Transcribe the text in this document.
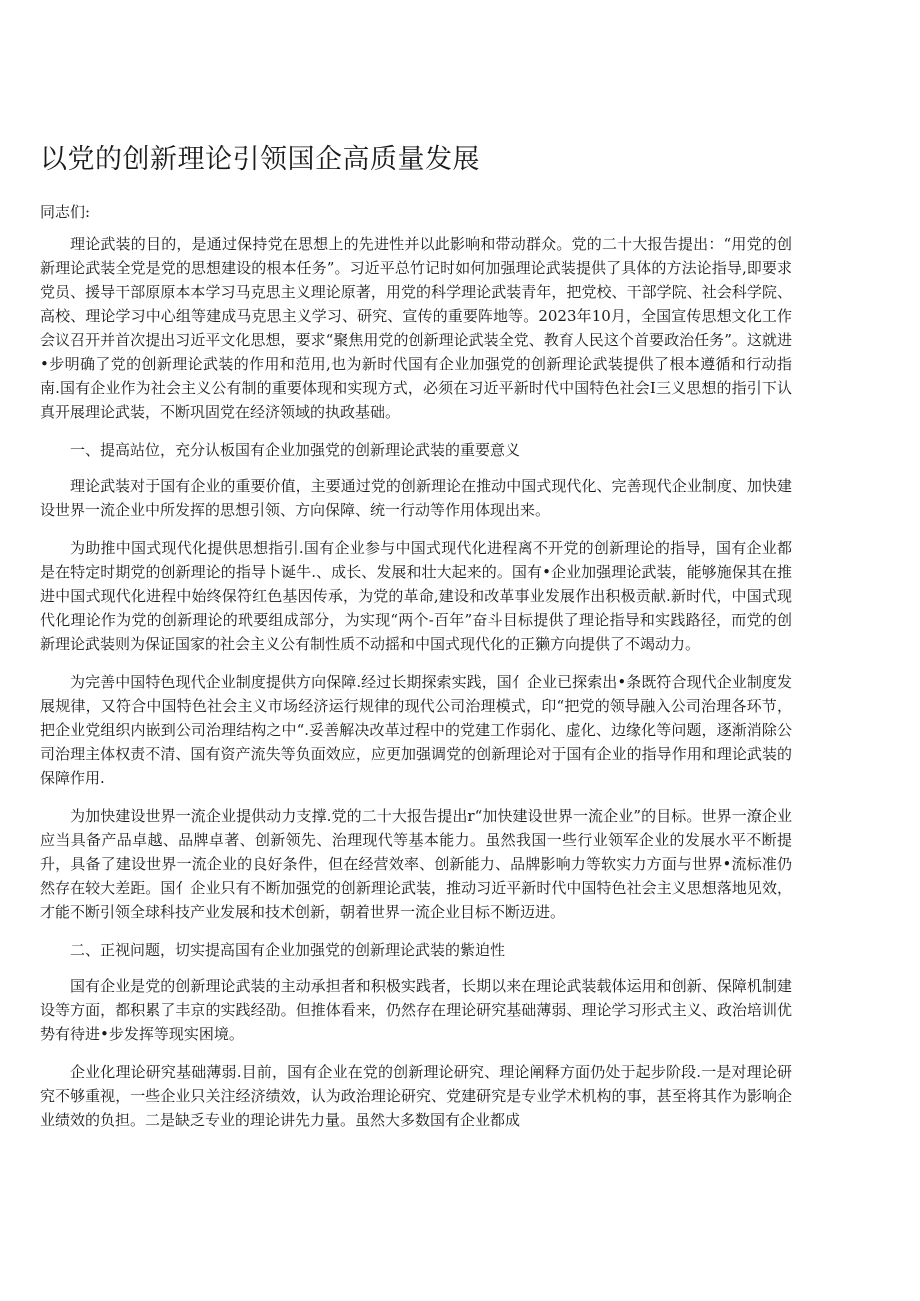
以党的创新理论引领国企高质量发展

同志们:

理论武装的目的，是通过保持党在思想上的先进性并以此影响和带动群众。党的二十大报告提出：“用党的创新理论武装全党是党的思想建设的根本任务”。习近平总竹记时如何加强理论武装提供了具体的方法论指导,即要求党员、援导干部原原本本学习马克思主义理论原著，用党的科学理论武装青年，把党校、干部学院、社会科学院、高校、理论学习中心组等建成马克思主义学习、研究、宣传的重要阵地等。2023年10月，全国宣传思想文化工作会议召开并首次提出习近平文化思想，要求“聚焦用党的创新理论武装全党、教育人民这个首要政治任务”。这就进•步明确了党的创新理论武装的作用和范用,也为新时代国有企业加强党的创新理论武装提供了根本遵循和行动指南.国有企业作为社会主义公有制的重要体现和实现方式，必须在习近平新时代中国特色社会I三义思想的指引下认真开展理论武装，不断巩固党在经济领域的执政基础。

一、提高站位，充分认板国有企业加强党的创新理论武装的重要意义

理论武装对于国有企业的重要价值，主要通过党的创新理论在推动中国式现代化、完善现代企业制度、加快建设世界一流企业中所发挥的思想引领、方向保障、统一行动等作用体现出来。

为助推中国式现代化提供思想指引.国有企业参与中国式现代化进程离不开党的创新理论的指导，国有企业都是在特定时期党的创新理论的指导卜诞牛.、成长、发展和壮大起来的。国有•企业加强理论武装，能够施保其在推进中国式现代化进程中始终保符红色基因传承，为党的革命,建设和改革事业发展作出积极贡献.新时代，中国式现代化理论作为党的创新理论的玳要组成部分，为实现“两个-百年”奋斗目标提供了理论指导和实践路径，而党的创新理论武装则为保证国家的社会主义公有制性质不动摇和中国式现代化的正獭方向提供了不竭动力。

为完善中国特色现代企业制度提供方向保障.经过长期探索实践，国亻企业已探索出•条既符合现代企业制度发展规律，又符合中国特色社会主义市场经济运行规律的现代公司治理模式，印“把党的领导融入公司治理各环节，把企业党组织内嵌到公司治理结构之中“.妥善解决改革过程中的党建工作弱化、虚化、边缘化等问题，逐渐消除公司治理主体权责不清、国有资产流失等负面效应，应更加强调党的创新理论对于国有企业的指导作用和理论武装的保障作用.

为加快建设世界一流企业提供动力支撑.党的二十大报告提出r“加快建设世界一流企业”的目标。世界一潦企业应当具备产品卓越、品牌卓著、创新领先、治理现代等基本能力。虽然我国一些行业领军企业的发展水平不断提升，具备了建设世界一流企业的良好条件，但在经营效率、创新能力、品牌影响力等软实力方面与世界•流标准仍然存在较大差距。国亻企业只有不断加强党的创新理论武装，推动习近平新时代中国特色社会主义思想落地见效，才能不断引领全球科技产业发展和技术创新，朝着世界一流企业目标不断迈进。

二、正视问题，切实提高国有企业加强党的创新理论武装的紫迫性

国有企业是党的创新理论武装的主动承担者和积极实践者，长期以来在理论武装载体运用和创新、保障机制建设等方面，都积累了丰京的实践经劭。但推体看来，仍然存在理论研究基础薄弱、理论学习形式主义、政治培训优势有待进•步发挥等现实困境。

企业化理论研究基础薄弱.目前，国有企业在党的创新理论研究、理论阐释方面仍处于起步阶段.一是对理论研究不够重视，一些企业只关注经济绩效，认为政治理论研究、党建研究是专业学术机构的事，甚至将其作为影响企业绩效的负担。二是缺乏专业的理论讲先力量。虽然大多数国有企业都成
